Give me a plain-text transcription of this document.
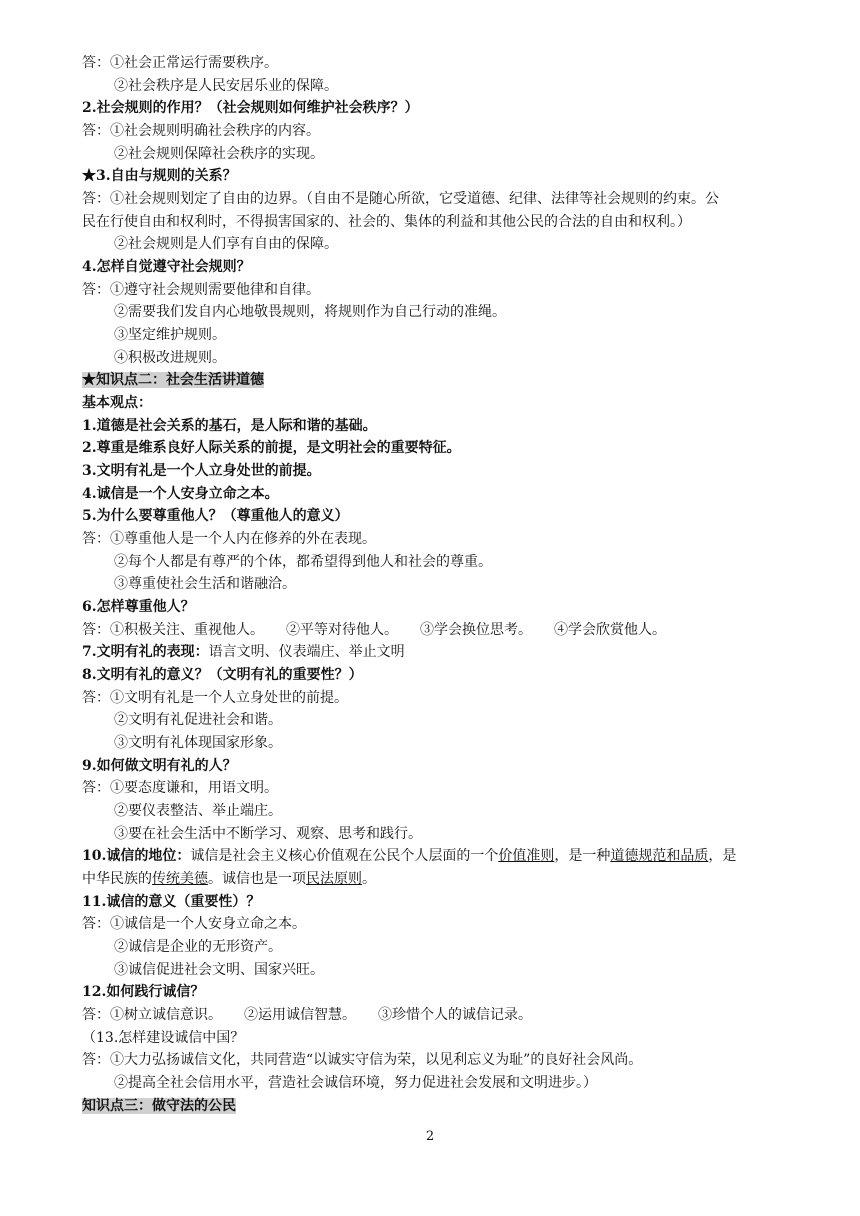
答：①社会正常运行需要秩序。
②社会秩序是人民安居乐业的保障。
2.社会规则的作用？（社会规则如何维护社会秩序？）
答：①社会规则明确社会秩序的内容。
②社会规则保障社会秩序的实现。
★3.自由与规则的关系？
答：①社会规则划定了自由的边界。（自由不是随心所欲，它受道德、纪律、法律等社会规则的约束。公
民在行使自由和权利时，不得损害国家的、社会的、集体的利益和其他公民的合法的自由和权利。）
②社会规则是人们享有自由的保障。
4.怎样自觉遵守社会规则？
答：①遵守社会规则需要他律和自律。
②需要我们发自内心地敬畏规则，将规则作为自己行动的准绳。
③坚定维护规则。
④积极改进规则。
★知识点二：社会生活讲道德
基本观点：
1.道德是社会关系的基石，是人际和谐的基础。
2.尊重是维系良好人际关系的前提，是文明社会的重要特征。
3.文明有礼是一个人立身处世的前提。
4.诚信是一个人安身立命之本。
5.为什么要尊重他人？（尊重他人的意义）
答：①尊重他人是一个人内在修养的外在表现。
②每个人都是有尊严的个体，都希望得到他人和社会的尊重。
③尊重使社会生活和谐融洽。
6.怎样尊重他人？
答：①积极关注、重视他人。 ②平等对待他人。 ③学会换位思考。 ④学会欣赏他人。
7.文明有礼的表现：语言文明、仪表端庄、举止文明
8.文明有礼的意义？（文明有礼的重要性？）
答：①文明有礼是一个人立身处世的前提。
②文明有礼促进社会和谐。
③文明有礼体现国家形象。
9.如何做文明有礼的人？
答：①要态度谦和，用语文明。
②要仪表整洁、举止端庄。
③要在社会生活中不断学习、观察、思考和践行。
10.诚信的地位：诚信是社会主义核心价值观在公民个人层面的一个价值准则，是一种道德规范和品质，是
中华民族的传统美德。诚信也是一项民法原则。
11.诚信的意义（重要性）？
答：①诚信是一个人安身立命之本。
②诚信是企业的无形资产。
③诚信促进社会文明、国家兴旺。
12.如何践行诚信？
答：①树立诚信意识。 ②运用诚信智慧。 ③珍惜个人的诚信记录。
（13.怎样建设诚信中国？
答：①大力弘扬诚信文化，共同营造“以诚实守信为荣，以见利忘义为耻”的良好社会风尚。
②提高全社会信用水平，营造社会诚信环境，努力促进社会发展和文明进步。）
知识点三：做守法的公民
2
